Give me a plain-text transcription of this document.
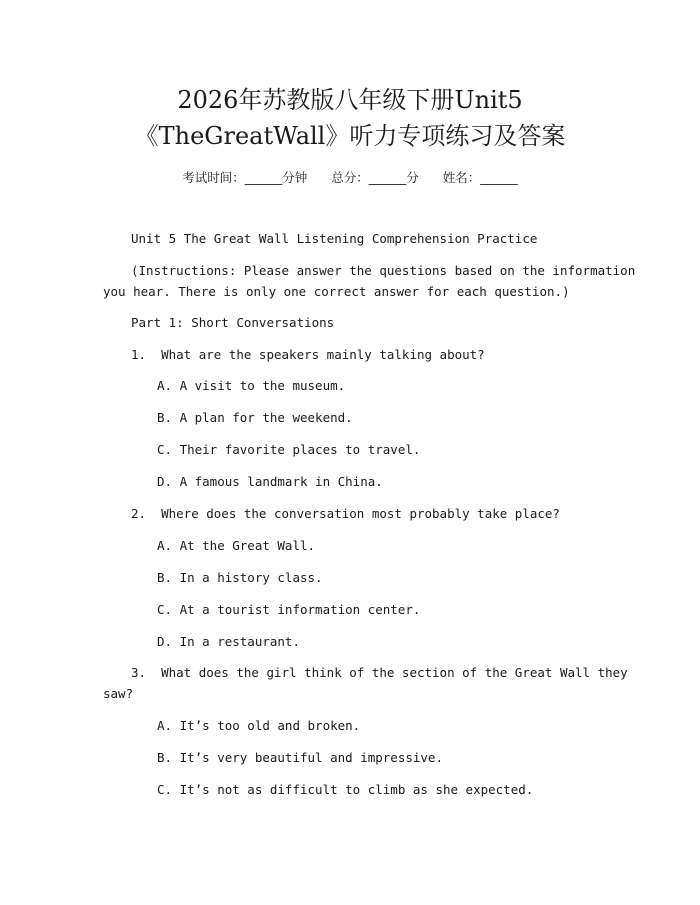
2026年苏教版八年级下册Unit5
《TheGreatWall》听力专项练习及答案
考试时间：______分钟 总分：______分 姓名：______
Unit 5 The Great Wall Listening Comprehension Practice
(Instructions: Please answer the questions based on the information
you hear. There is only one correct answer for each question.)
Part 1: Short Conversations
1.  What are the speakers mainly talking about?
A. A visit to the museum.
B. A plan for the weekend.
C. Their favorite places to travel.
D. A famous landmark in China.
2.  Where does the conversation most probably take place?
A. At the Great Wall.
B. In a history class.
C. At a tourist information center.
D. In a restaurant.
3.  What does the girl think of the section of the Great Wall they
saw?
A. It’s too old and broken.
B. It’s very beautiful and impressive.
C. It’s not as difficult to climb as she expected.
